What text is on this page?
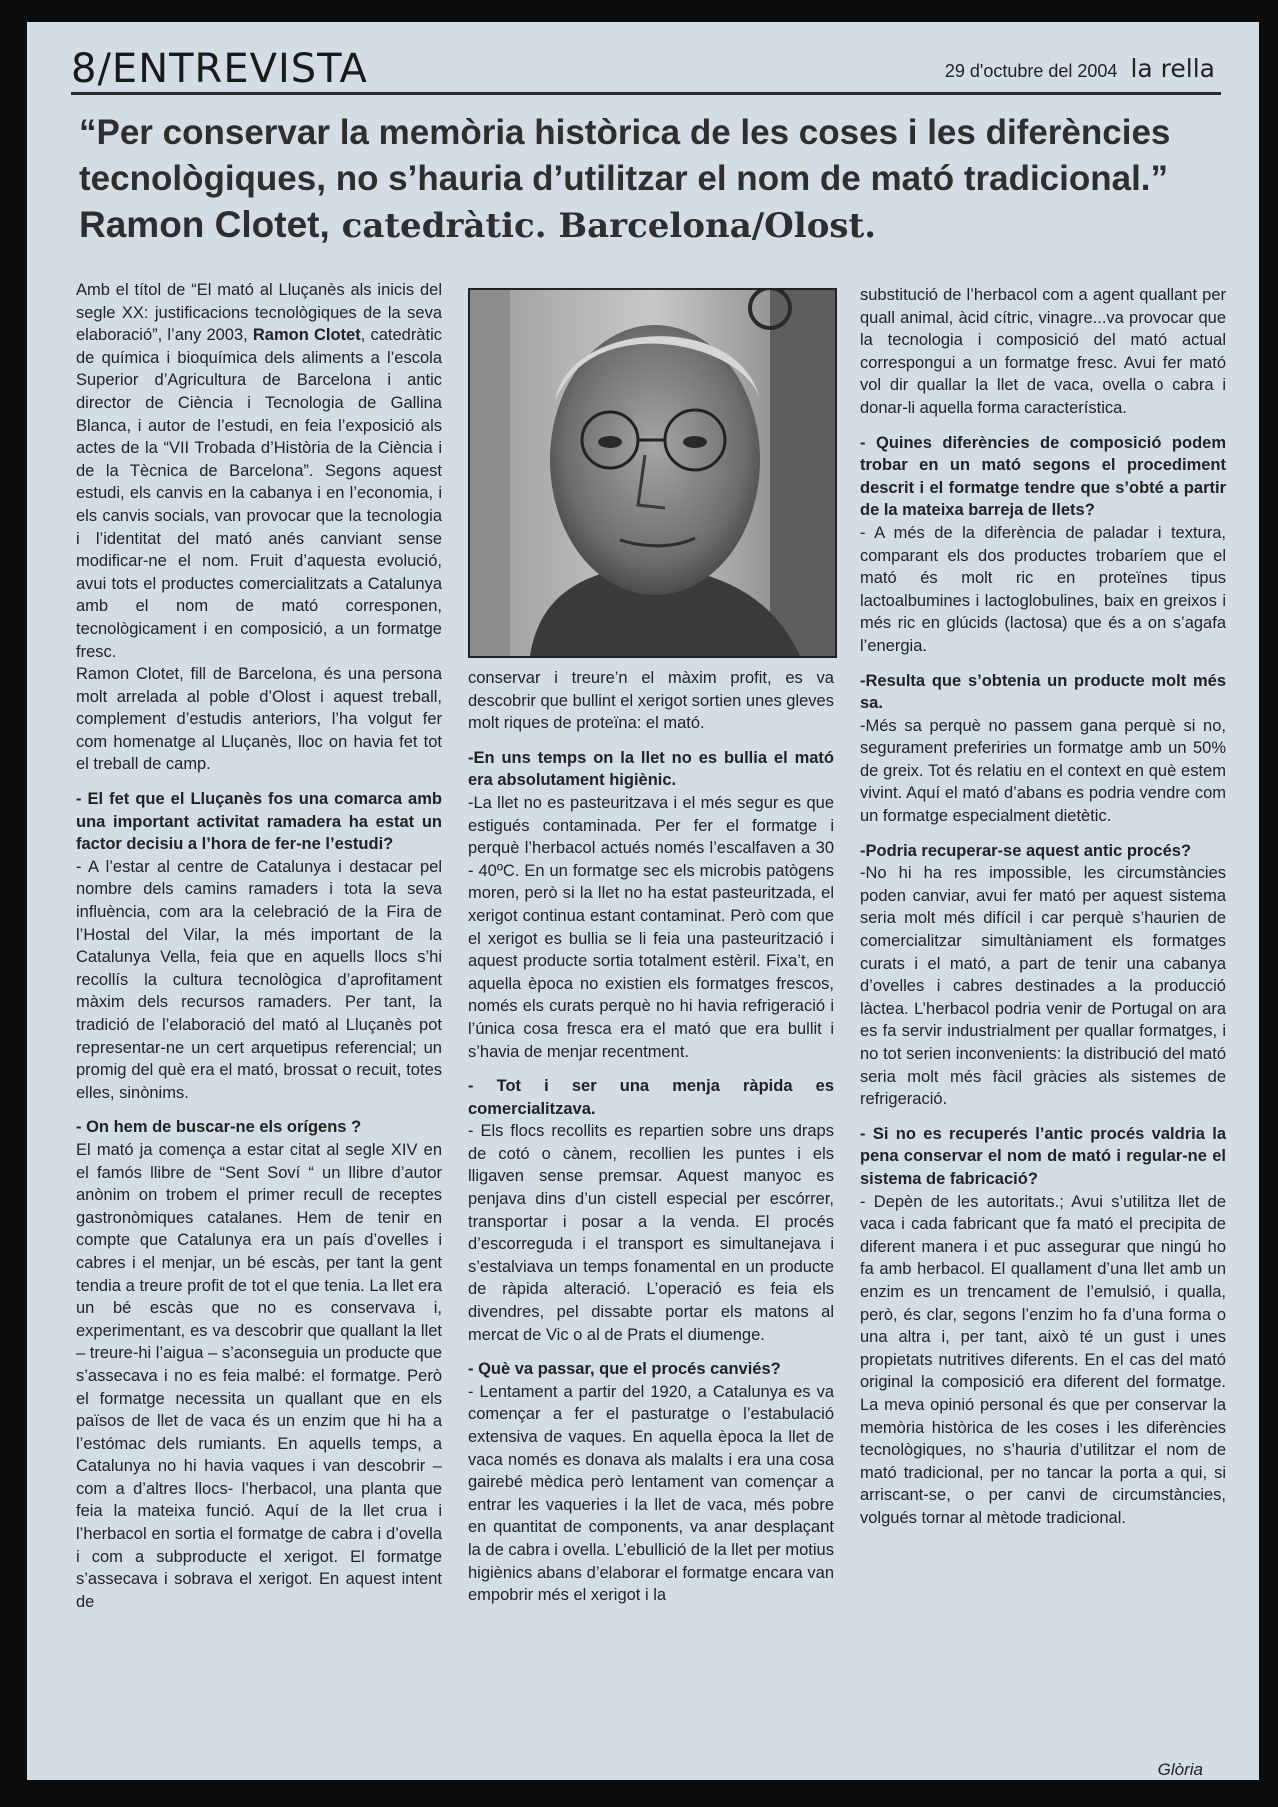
8/ENTREVISTA	29 d'octubre del 2004 la rella
“Per conservar la memòria històrica de les coses i les diferències tecnològiques, no s’hauria d’utilitzar el nom de mató tradicional.”
Ramon Clotet, catedràtic. Barcelona/Olost.

Amb el títol de “El mató al Lluçanès als inicis del segle XX: justificacions tecnològiques de la seva elaboració”, l’any 2003, Ramon Clotet, catedràtic de química i bioquímica dels aliments a l’escola Superior d’Agricultura de Barcelona i antic director de Ciència i Tecnologia de Gallina Blanca, i autor de l’estudi, en feia l’exposició als actes de la “VII Trobada d’Història de la Ciència i de la Tècnica de Barcelona”. Segons aquest estudi, els canvis en la cabanya i en l’economia, i els canvis socials, van provocar que la tecnologia i l’identitat del mató anés canviant sense modificar-ne el nom. Fruit d’aquesta evolució, avui tots el productes comercialitzats a Catalunya amb el nom de mató corresponen, tecnològicament i en composició, a un formatge fresc.

Ramon Clotet, fill de Barcelona, és una persona molt arrelada al poble d’Olost i aquest treball, complement d’estudis anteriors, l’ha volgut fer com homenatge al Lluçanès, lloc on havia fet tot el treball de camp.

- El fet que el Lluçanès fos una comarca amb una important activitat ramadera ha estat un factor decisiu a l’hora de fer-ne l’estudi?

- A l’estar al centre de Catalunya i destacar pel nombre dels camins ramaders i tota la seva influència, com ara la celebració de la Fira de l’Hostal del Vilar, la més important de la Catalunya Vella, feia que en aquells llocs s’hi recollís la cultura tecnològica d’aprofitament màxim dels recursos ramaders. Per tant, la tradició de l’elaboració del mató al Lluçanès pot representar-ne un cert arquetipus referencial; un promig del què era el mató, brossat o recuit, totes elles, sinònims.

- On hem de buscar-ne els orígens ?

El mató ja comença a estar citat al segle XIV en el famós llibre de “Sent Soví “ un llibre d’autor anònim on trobem el primer recull de receptes gastronòmiques catalanes. Hem de tenir en compte que Catalunya era un país d’ovelles i cabres i el menjar, un bé escàs, per tant la gent tendia a treure profit de tot el que tenia. La llet era un bé escàs que no es conservava i, experimentant, es va descobrir que quallant la llet – treure-hi l’aigua – s’aconseguia un producte que s’assecava i no es feia malbé: el formatge. Però el formatge necessita un quallant que en els països de llet de vaca és un enzim que hi ha a l’estómac dels rumiants. En aquells temps, a Catalunya no hi havia vaques i van descobrir – com a d’altres llocs- l’herbacol, una planta que feia la mateixa funció. Aquí de la llet crua i l’herbacol en sortia el formatge de cabra i d’ovella i com a subproducte el xerigot. El formatge s’assecava i sobrava el xerigot. En aquest intent de

conservar i treure’n el màxim profit, es va descobrir que bullint el xerigot sortien unes gleves molt riques de proteïna: el mató.

-En uns temps on la llet no es bullia el mató era absolutament higiènic.

-La llet no es pasteuritzava i el més segur es que estigués contaminada. Per fer el formatge i perquè l’herbacol actués només l’escalfaven a 30 - 40ºC. En un formatge sec els microbis patògens moren, però si la llet no ha estat pasteuritzada, el xerigot continua estant contaminat. Però com que el xerigot es bullia se li feia una pasteurització i aquest producte sortia totalment estèril. Fixa’t, en aquella època no existien els formatges frescos, només els curats perquè no hi havia refrigeració i l’única cosa fresca era el mató que era bullit i s’havia de menjar recentment.

- Tot i ser una menja ràpida es comercialitzava.

- Els flocs recollits es repartien sobre uns draps de cotó o cànem, recollien les puntes i els lligaven sense premsar. Aquest manyoc es penjava dins d’un cistell especial per escórrer, transportar i posar a la venda. El procés d’escorreguda i el transport es simultanejava i s’estalviava un temps fonamental en un producte de ràpida alteració. L’operació es feia els divendres, pel dissabte portar els matons al mercat de Vic o al de Prats el diumenge.

- Què va passar, que el procés canviés?

- Lentament a partir del 1920, a Catalunya es va començar a fer el pasturatge o l’estabulació extensiva de vaques. En aquella època la llet de vaca només es donava als malalts i era una cosa gairebé mèdica però lentament van començar a entrar les vaqueries i la llet de vaca, més pobre en quantitat de components, va anar desplaçant la de cabra i ovella. L’ebullició de la llet per motius higiènics abans d’elaborar el formatge encara van empobrir més el xerigot i la

substitució de l’herbacol com a agent quallant per quall animal, àcid cítric, vinagre...va provocar que la tecnologia i composició del mató actual correspongui a un formatge fresc. Avui fer mató vol dir quallar la llet de vaca, ovella o cabra i donar-li aquella forma característica.

- Quines diferències de composició podem trobar en un mató segons el procediment descrit i el formatge tendre que s’obté a partir de la mateixa barreja de llets?

- A més de la diferència de paladar i textura, comparant els dos productes trobaríem que el mató és molt ric en proteïnes tipus lactoalbumines i lactoglobulines, baix en greixos i més ric en glúcids (lactosa) que és a on s’agafa l’energia.

-Resulta que s’obtenia un producte molt més sa.

-Més sa perquè no passem gana perquè si no, segurament preferiries un formatge amb un 50% de greix. Tot és relatiu en el context en què estem vivint. Aquí el mató d’abans es podria vendre com un formatge especialment dietètic.

-Podria recuperar-se aquest antic procés?

-No hi ha res impossible, les circumstàncies poden canviar, avui fer mató per aquest sistema seria molt més difícil i car perquè s’haurien de comercialitzar simultàniament els formatges curats i el mató, a part de tenir una cabanya d’ovelles i cabres destinades a la producció làctea. L’herbacol podria venir de Portugal on ara es fa servir industrialment per quallar formatges, i no tot serien inconvenients: la distribució del mató seria molt més fàcil gràcies als sistemes de refrigeració.

- Si no es recuperés l’antic procés valdria la pena conservar el nom de mató i regular-ne el sistema de fabricació?

- Depèn de les autoritats.; Avui s’utilitza llet de vaca i cada fabricant que fa mató el precipita de diferent manera i et puc assegurar que ningú ho fa amb herbacol. El quallament d’una llet amb un enzim es un trencament de l’emulsió, i qualla, però, és clar, segons l’enzim ho fa d’una forma o una altra i, per tant, això té un gust i unes propietats nutritives diferents. En el cas del mató original la composició era diferent del formatge. La meva opinió personal és que per conservar la memòria històrica de les coses i les diferències tecnològiques, no s’hauria d’utilitzar el nom de mató tradicional, per no tancar la porta a qui, si arriscant-se, o per canvi de circumstàncies, volgués tornar al mètode tradicional.

Glòria
